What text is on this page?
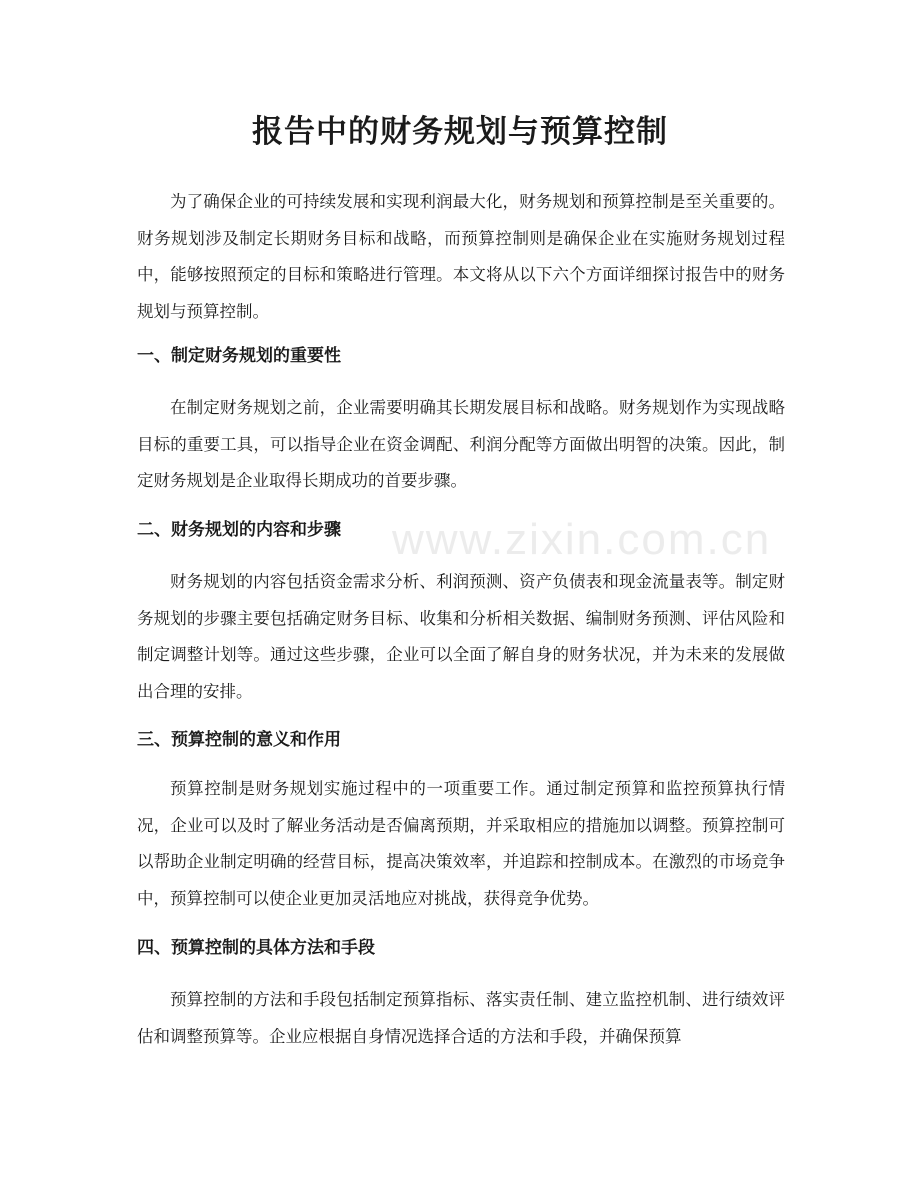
www.zixin.com.cn
报告中的财务规划与预算控制

为了确保企业的可持续发展和实现利润最大化，财务规划和预算控制是至关重要的。财务规划涉及制定长期财务目标和战略，而预算控制则是确保企业在实施财务规划过程中，能够按照预定的目标和策略进行管理。本文将从以下六个方面详细探讨报告中的财务规划与预算控制。

一、制定财务规划的重要性

在制定财务规划之前，企业需要明确其长期发展目标和战略。财务规划作为实现战略目标的重要工具，可以指导企业在资金调配、利润分配等方面做出明智的决策。因此，制定财务规划是企业取得长期成功的首要步骤。

二、财务规划的内容和步骤

财务规划的内容包括资金需求分析、利润预测、资产负债表和现金流量表等。制定财务规划的步骤主要包括确定财务目标、收集和分析相关数据、编制财务预测、评估风险和制定调整计划等。通过这些步骤，企业可以全面了解自身的财务状况，并为未来的发展做出合理的安排。

三、预算控制的意义和作用

预算控制是财务规划实施过程中的一项重要工作。通过制定预算和监控预算执行情况，企业可以及时了解业务活动是否偏离预期，并采取相应的措施加以调整。预算控制可以帮助企业制定明确的经营目标，提高决策效率，并追踪和控制成本。在激烈的市场竞争中，预算控制可以使企业更加灵活地应对挑战，获得竞争优势。

四、预算控制的具体方法和手段

预算控制的方法和手段包括制定预算指标、落实责任制、建立监控机制、进行绩效评估和调整预算等。企业应根据自身情况选择合适的方法和手段，并确保预算
